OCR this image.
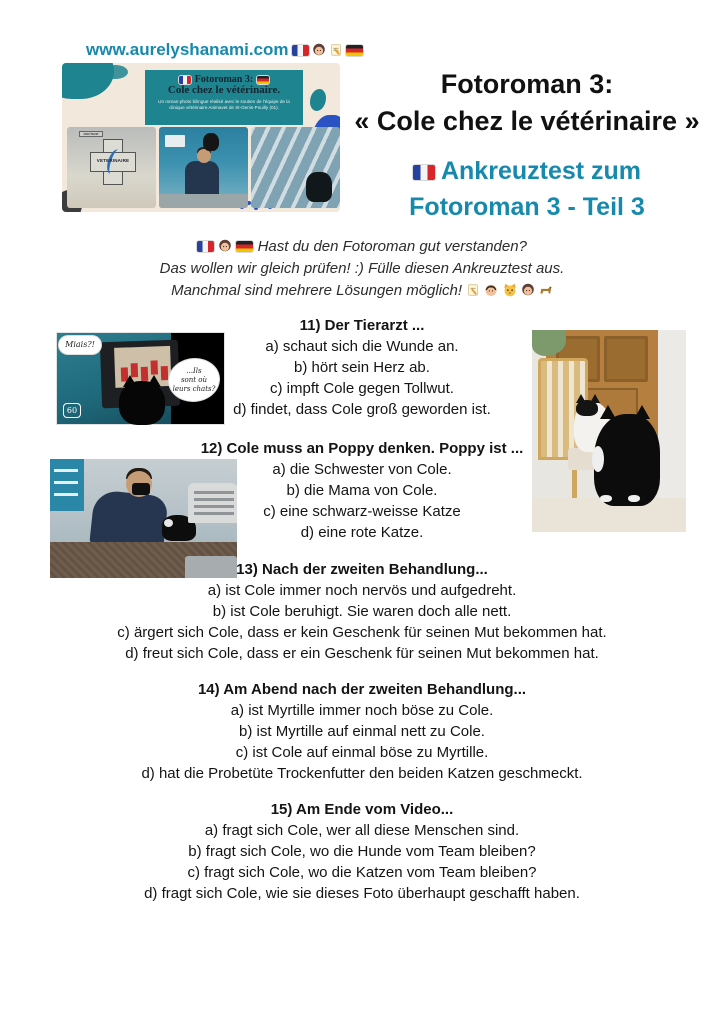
www.aurelyshanami.com
Fotoroman 3:
Cole chez le vétérinaire.
Un roman-photo bilingue réalisé avec le soutien de l'équipe de la clinique vétérinaire Animavet de St-Genis-Pouilly (01).
DOCTEUR
VETERINAIRE
Fotoroman 3:
« Cole chez le vétérinaire »
Ankreuztest zum
Fotoroman 3 - Teil 3
Hast du den Fotoroman gut verstanden?
Das wollen wir gleich prüfen! :) Fülle diesen Ankreuztest aus.
Manchmal sind mehrere Lösungen möglich!
Miais?!
...Ils
sont où
leurs chats?
60
11) Der Tierarzt ...
a) schaut sich die Wunde an.
b) hört sein Herz ab.
c) impft Cole gegen Tollwut.
d) findet, dass Cole groß geworden ist.
12) Cole muss an Poppy denken. Poppy ist ...
a) die Schwester von Cole.
b) die Mama von Cole.
c) eine schwarz-weisse Katze
d) eine rote Katze.
13) Nach der zweiten Behandlung...
a) ist Cole immer noch nervös und aufgedreht.
b) ist Cole beruhigt. Sie waren doch alle nett.
c) ärgert sich Cole, dass er kein Geschenk für seinen Mut bekommen hat.
d) freut sich Cole, dass er ein Geschenk für seinen Mut bekommen hat.
14) Am Abend nach der zweiten Behandlung...
a) ist Myrtille immer noch böse zu Cole.
b) ist Myrtille auf einmal nett zu Cole.
c) ist Cole auf einmal böse zu Myrtille.
d) hat die Probetüte Trockenfutter den beiden Katzen geschmeckt.
15) Am Ende vom Video...
a) fragt sich Cole, wer all diese Menschen sind.
b) fragt sich Cole, wo die Hunde vom Team bleiben?
c) fragt sich Cole, wo die Katzen vom Team bleiben?
d) fragt sich Cole, wie sie dieses Foto überhaupt geschafft haben.
